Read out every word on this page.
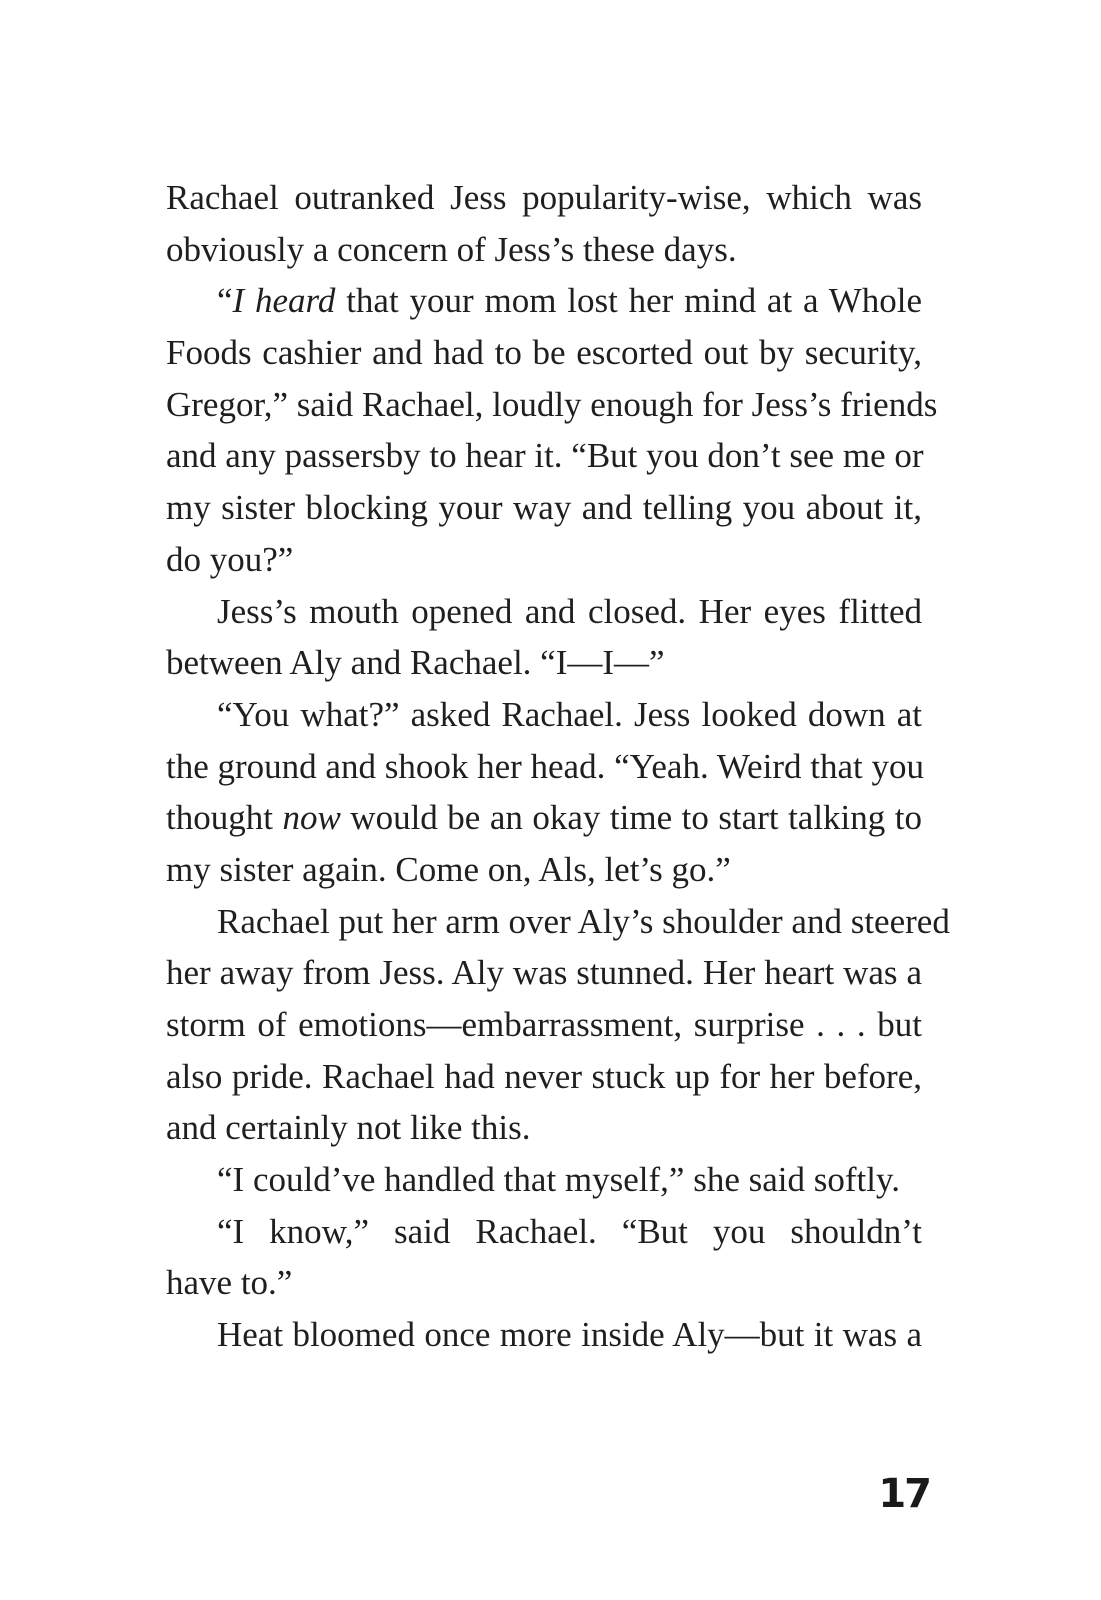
Rachael outranked Jess popularity-wise, which was
obviously a concern of Jess’s these days.
“I heard that your mom lost her mind at a Whole
Foods cashier and had to be escorted out by security,
Gregor,” said Rachael, loudly enough for Jess’s friends
and any passersby to hear it. “But you don’t see me or
my sister blocking your way and telling you about it,
do you?”
Jess’s mouth opened and closed. Her eyes flitted
between Aly and Rachael. “I—I—”
“You what?” asked Rachael. Jess looked down at
the ground and shook her head. “Yeah. Weird that you
thought now would be an okay time to start talking to
my sister again. Come on, Als, let’s go.”
Rachael put her arm over Aly’s shoulder and steered
her away from Jess. Aly was stunned. Her heart was a
storm of emotions—embarrassment, surprise . . . but
also pride. Rachael had never stuck up for her before,
and certainly not like this.
“I could’ve handled that myself,” she said softly.
“I know,” said Rachael. “But you shouldn’t
have to.”
Heat bloomed once more inside Aly—but it was a
17
